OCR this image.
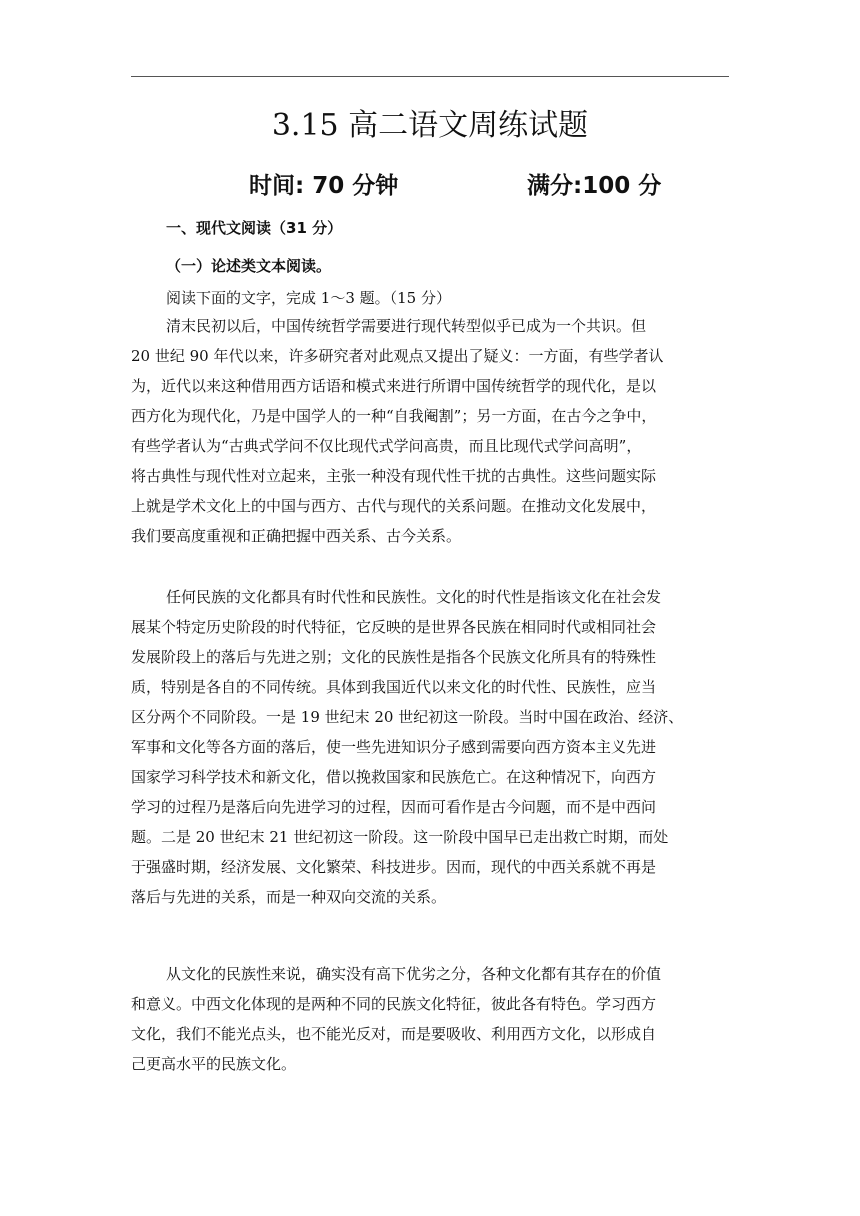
3.15 高二语文周练试题
时间: 70 分钟	满分:100 分
一、现代文阅读（31 分）
（一）论述类文本阅读。
阅读下面的文字，完成 1～3 题。（15 分）
清末民初以后，中国传统哲学需要进行现代转型似乎已成为一个共识。但
20 世纪 90 年代以来，许多研究者对此观点又提出了疑义：一方面，有些学者认
为，近代以来这种借用西方话语和模式来进行所谓中国传统哲学的现代化，是以
西方化为现代化，乃是中国学人的一种“自我阉割”；另一方面，在古今之争中，
有些学者认为“古典式学问不仅比现代式学问高贵，而且比现代式学问高明”，
将古典性与现代性对立起来，主张一种没有现代性干扰的古典性。这些问题实际
上就是学术文化上的中国与西方、古代与现代的关系问题。在推动文化发展中，
我们要高度重视和正确把握中西关系、古今关系。
任何民族的文化都具有时代性和民族性。文化的时代性是指该文化在社会发
展某个特定历史阶段的时代特征，它反映的是世界各民族在相同时代或相同社会
发展阶段上的落后与先进之别；文化的民族性是指各个民族文化所具有的特殊性
质，特别是各自的不同传统。具体到我国近代以来文化的时代性、民族性，应当
区分两个不同阶段。一是 19 世纪末 20 世纪初这一阶段。当时中国在政治、经济、
军事和文化等各方面的落后，使一些先进知识分子感到需要向西方资本主义先进
国家学习科学技术和新文化，借以挽救国家和民族危亡。在这种情况下，向西方
学习的过程乃是落后向先进学习的过程，因而可看作是古今问题，而不是中西问
题。二是 20 世纪末 21 世纪初这一阶段。这一阶段中国早已走出救亡时期，而处
于强盛时期，经济发展、文化繁荣、科技进步。因而，现代的中西关系就不再是
落后与先进的关系，而是一种双向交流的关系。
从文化的民族性来说，确实没有高下优劣之分，各种文化都有其存在的价值
和意义。中西文化体现的是两种不同的民族文化特征，彼此各有特色。学习西方
文化，我们不能光点头，也不能光反对，而是要吸收、利用西方文化，以形成自
己更高水平的民族文化。
